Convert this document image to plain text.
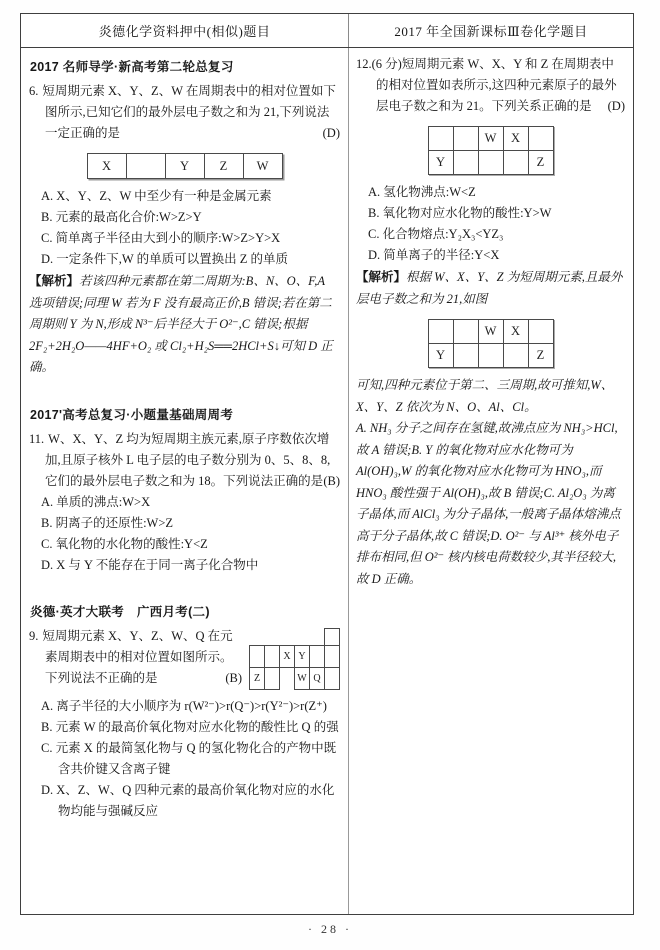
炎德化学资料押中(相似)题目	2017 年全国新课标Ⅲ卷化学题目
2017 名师导学·新高考第二轮总复习
6. 短周期元素 X、Y、Z、W 在周期表中的相对位置如下图所示,已知它们的最外层电子数之和为 21,下列说法一定正确的是	(D)
X		Y	Z	W
A. X、Y、Z、W 中至少有一种是金属元素
B. 元素的最高化合价:W>Z>Y
C. 简单离子半径由大到小的顺序:W>Z>Y>X
D. 一定条件下,W 的单质可以置换出 Z 的单质
【解析】若该四种元素都在第二周期为:B、N、O、F,A 选项错误;同理 W 若为 F 没有最高正价,B 错误;若在第二周期则 Y 为 N,形成 N³⁻后半径大于 O²⁻,C 错误;根据 2F₂+2H₂O——4HF+O₂ 或 Cl₂+H₂S══2HCl+S↓可知 D 正确。
2017'高考总复习·小题量基础周周考
11. W、X、Y、Z 均为短周期主族元素,原子序数依次增加,且原子核外 L 电子层的电子数分别为 0、5、8、8,它们的最外层电子数之和为 18。下列说法正确的是 (B)
A. 单质的沸点:W>X
B. 阴离子的还原性:W>Z
C. 氧化物的水化物的酸性:Y<Z
D. X 与 Y 不能存在于同一离子化合物中
炎德·英才大联考　广西月考(二)

		X	Y		
Z			W	Q	
9. 短周期元素 X、Y、Z、W、Q 在元素周期表中的相对位置如图所示。下列说法不正确的是	(B)
A. 离子半径的大小顺序为 r(W²⁻)>r(Q⁻)>r(Y²⁻)>r(Z⁺)
B. 元素 W 的最高价氧化物对应水化物的酸性比 Q 的强
C. 元素 X 的最简氢化物与 Q 的氢化物化合的产物中既含共价键又含离子键
D. X、Z、W、Q 四种元素的最高价氧化物对应的水化物均能与强碱反应
12.(6 分)短周期元素 W、X、Y 和 Z 在周期表中的相对位置如表所示,这四种元素原子的最外层电子数之和为 21。下列关系正确的是 (D)
		W	X	
Y				Z
A. 氢化物沸点:W<Z
B. 氧化物对应水化物的酸性:Y>W
C. 化合物熔点:Y₂X₃<YZ₃
D. 简单离子的半径:Y<X
【解析】根据 W、X、Y、Z 为短周期元素,且最外层电子数之和为 21,如图
		W	X	
Y				Z
可知,四种元素位于第二、三周期,故可推知,W、X、Y、Z 依次为 N、O、Al、Cl。
A. NH₃ 分子之间存在氢键,故沸点应为 NH₃>HCl,故 A 错误;B. Y 的氧化物对应水化物可为 Al(OH)₃,W 的氧化物对应水化物可为 HNO₃,而 HNO₃ 酸性强于 Al(OH)₃,故 B 错误;C. Al₂O₃ 为离子晶体,而 AlCl₃ 为分子晶体,一般离子晶体熔沸点高于分子晶体,故 C 错误;D. O²⁻ 与 Al³⁺ 核外电子排布相同,但 O²⁻ 核内核电荷数较少,其半径较大,故 D 正确。
· 28 ·
